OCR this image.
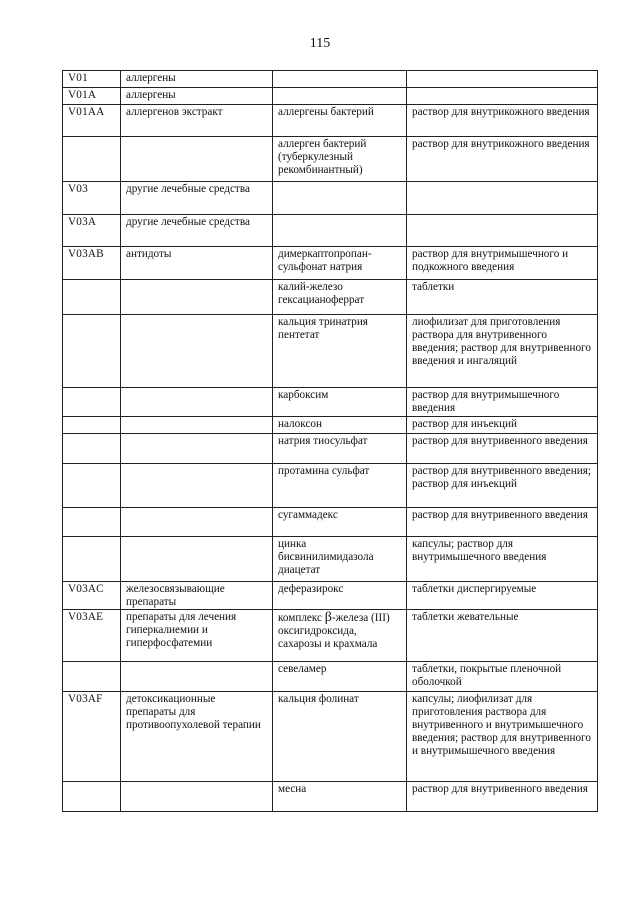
115
V01	аллергены		
V01A	аллергены		
V01AA	аллергенов экстракт	аллергены бактерий	раствор для внутрикожного введения
		аллерген бактерий (туберкулезный рекомбинантный)	раствор для внутрикожного введения
V03	другие лечебные средства		
V03A	другие лечебные средства		
V03AB	антидоты	димеркаптопропан-сульфонат натрия	раствор для внутримышечного и подкожного введения
		калий-железо гексацианоферрат	таблетки
		кальция тринатрия пентетат	лиофилизат для приготовления раствора для внутривенного введения; раствор для внутривенного введения и ингаляций
		карбоксим	раствор для внутримышечного введения
		налоксон	раствор для инъекций
		натрия тиосульфат	раствор для внутривенного введения
		протамина сульфат	раствор для внутривенного введения; раствор для инъекций
		сугаммадекс	раствор для внутривенного введения
		цинка бисвинилимидазола диацетат	капсулы; раствор для внутримышечного введения
V03AC	железосвязывающие препараты	деферазирокс	таблетки диспергируемые
V03AE	препараты для лечения гиперкалиемии и гиперфосфатемии	комплекс β-железа (III) оксигидроксида, сахарозы и крахмала	таблетки жевательные
		севеламер	таблетки, покрытые пленочной оболочкой
V03AF	детоксикационные препараты для противоопухолевой терапии	кальция фолинат	капсулы; лиофилизат для приготовления раствора для внутривенного и внутримышечного введения; раствор для внутривенного и внутримышечного введения
		месна	раствор для внутривенного введения
